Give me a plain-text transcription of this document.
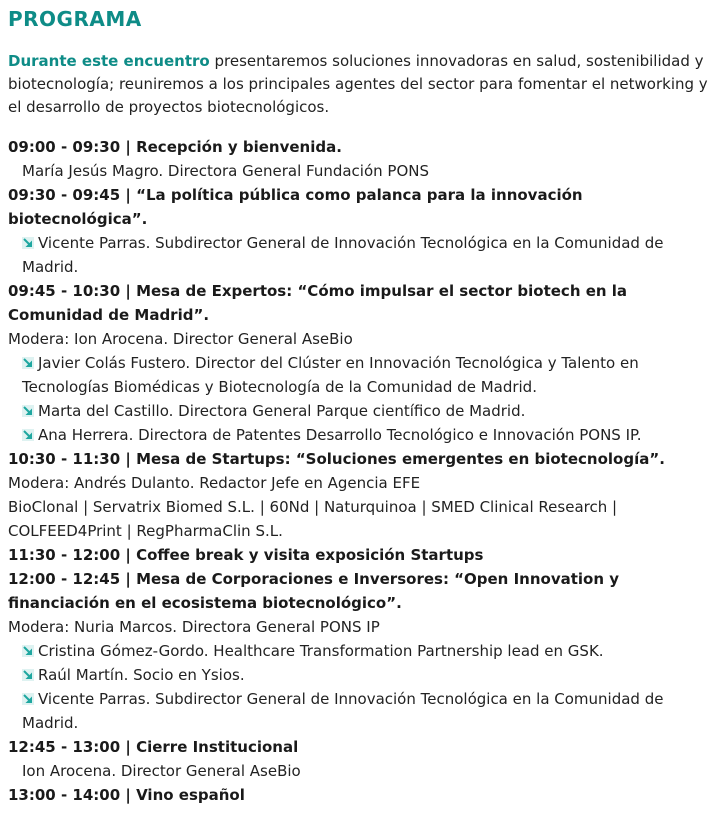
PROGRAMA

Durante este encuentro presentaremos soluciones innovadoras en salud, sostenibilidad y biotecnología; reuniremos a los principales agentes del sector para fomentar el networking y el desarrollo de proyectos biotecnológicos.

09:00 - 09:30 | Recepción y bienvenida.

María Jesús Magro. Directora General Fundación PONS

09:30 - 09:45 | “La política pública como palanca para la innovación biotecnológica”.

Vicente Parras. Subdirector General de Innovación Tecnológica en la Comunidad de Madrid.

09:45 - 10:30 | Mesa de Expertos: “Cómo impulsar el sector biotech en la Comunidad de Madrid”.

Modera: Ion Arocena. Director General AseBio

Javier Colás Fustero. Director del Clúster en Innovación Tecnológica y Talento en Tecnologías Biomédicas y Biotecnología de la Comunidad de Madrid.

Marta del Castillo. Directora General Parque científico de Madrid.

Ana Herrera. Directora de Patentes Desarrollo Tecnológico e Innovación PONS IP.

10:30 - 11:30 | Mesa de Startups: “Soluciones emergentes en biotecnología”.

Modera: Andrés Dulanto. Redactor Jefe en Agencia EFE

BioClonal | Servatrix Biomed S.L. | 60Nd | Naturquinoa | SMED Clinical Research | COLFEED4Print | RegPharmaClin S.L.

11:30 - 12:00 | Coffee break y visita exposición Startups

12:00 - 12:45 | Mesa de Corporaciones e Inversores: “Open Innovation y financiación en el ecosistema biotecnológico”.

Modera: Nuria Marcos. Directora General PONS IP

Cristina Gómez-Gordo. Healthcare Transformation Partnership lead en GSK.

Raúl Martín. Socio en Ysios.

Vicente Parras. Subdirector General de Innovación Tecnológica en la Comunidad de Madrid.

12:45 - 13:00 | Cierre Institucional

Ion Arocena. Director General AseBio

13:00 - 14:00 | Vino español
